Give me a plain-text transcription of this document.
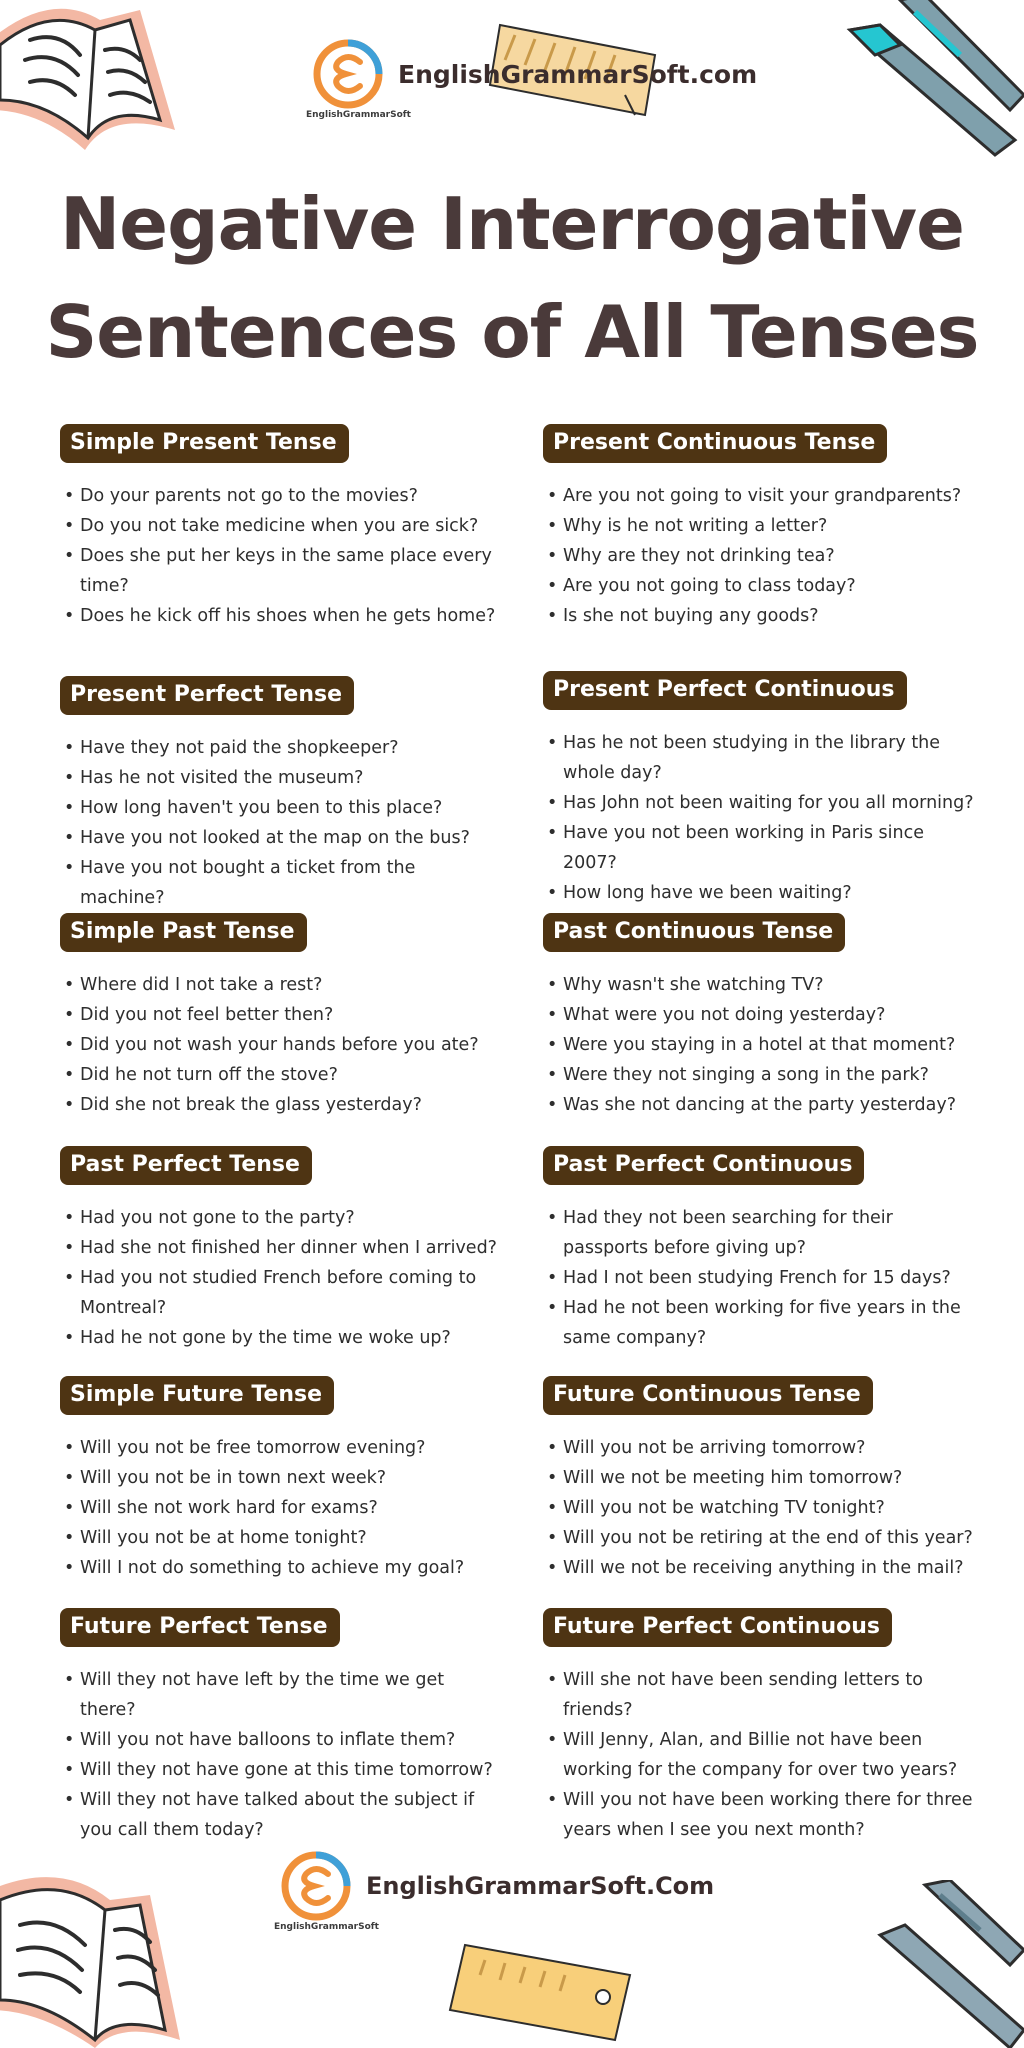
EnglishGrammarSoft
EnglishGrammarSoft.com
Negative Interrogative
Sentences of All Tenses
Simple Present Tense
• Do your parents not go to the movies?
• Do you not take medicine when you are sick?
• Does she put her keys in the same place every time?
• Does he kick off his shoes when he gets home?
Present Continuous Tense
• Are you not going to visit your grandparents?
• Why is he not writing a letter?
• Why are they not drinking tea?
• Are you not going to class today?
• Is she not buying any goods?
Present Perfect Tense
• Have they not paid the shopkeeper?
• Has he not visited the museum?
• How long haven't you been to this place?
• Have you not looked at the map on the bus?
• Have you not bought a ticket from the machine?
Present Perfect Continuous
• Has he not been studying in the library the whole day?
• Has John not been waiting for you all morning?
• Have you not been working in Paris since 2007?
• How long have we been waiting?
Simple Past Tense
• Where did I not take a rest?
• Did you not feel better then?
• Did you not wash your hands before you ate?
• Did he not turn off the stove?
• Did she not break the glass yesterday?
Past Continuous Tense
• Why wasn't she watching TV?
• What were you not doing yesterday?
• Were you staying in a hotel at that moment?
• Were they not singing a song in the park?
• Was she not dancing at the party yesterday?
Past Perfect Tense
• Had you not gone to the party?
• Had she not finished her dinner when I arrived?
• Had you not studied French before coming to Montreal?
• Had he not gone by the time we woke up?
Past Perfect Continuous
• Had they not been searching for their passports before giving up?
• Had I not been studying French for 15 days?
• Had he not been working for five years in the same company?
Simple Future Tense
• Will you not be free tomorrow evening?
• Will you not be in town next week?
• Will she not work hard for exams?
• Will you not be at home tonight?
• Will I not do something to achieve my goal?
Future Continuous Tense
• Will you not be arriving tomorrow?
• Will we not be meeting him tomorrow?
• Will you not be watching TV tonight?
• Will you not be retiring at the end of this year?
• Will we not be receiving anything in the mail?
Future Perfect Tense
• Will they not have left by the time we get there?
• Will you not have balloons to inflate them?
• Will they not have gone at this time tomorrow?
• Will they not have talked about the subject if you call them today?
Future Perfect Continuous
• Will she not have been sending letters to friends?
• Will Jenny, Alan, and Billie not have been working for the company for over two years?
• Will you not have been working there for three years when I see you next month?
EnglishGrammarSoft
EnglishGrammarSoft.Com
